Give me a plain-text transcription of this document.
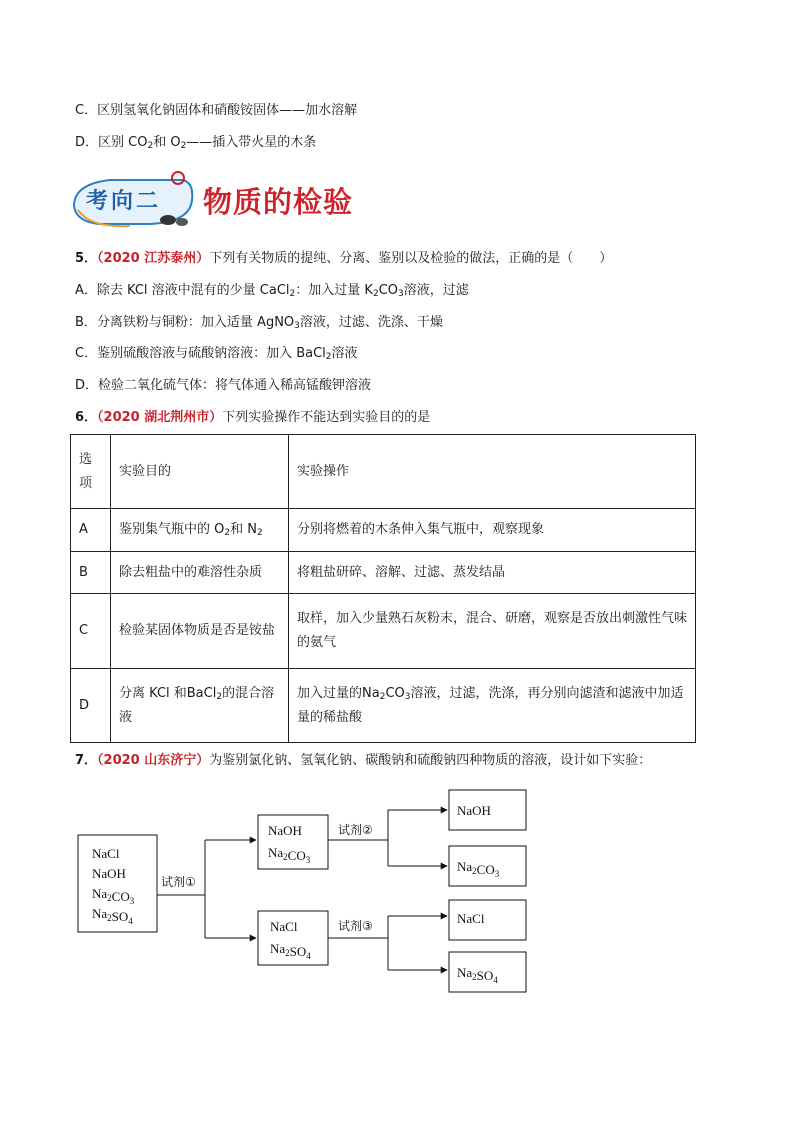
C．区别氢氧化钠固体和硝酸铵固体——加水溶解
D．区别 $CO_2$和 $O_2——$插入带火星的木条
考向二 物质的检验
5．（2020 江苏泰州）下列有关物质的提纯、分离、鉴别以及检验的做法，正确的是（　　）
A．除去 KCl 溶液中混有的少量 CaCl$_2$：加入过量 $K_2CO_3$溶液，过滤
B．分离铁粉与铜粉：加入适量 AgNO$_3$溶液，过滤、洗涤、干燥
C．鉴别硫酸溶液与硫酸钠溶液：加入 BaCl$_2$溶液
D．检验二氧化硫气体：将气体通入稀高锰酸钾溶液
6．（2020 湖北荆州市）下列实验操作不能达到实验目的的是
选项	实验目的	实验操作
A	鉴别集气瓶中的 $O_2$和 $N_2$	分别将燃着的木条伸入集气瓶中，观察现象
B	除去粗盐中的难溶性杂质	将粗盐研碎、溶解、过滤、蒸发结晶
C	检验某固体物质是否是铵盐	取样，加入少量熟石灰粉末，混合、研磨，观察是否放出刺激性气味的氨气
D	分离 KCl 和BaCl$_2$的混合溶液	加入过量的$Na_2CO_3$溶液，过滤，洗涤，再分别向滤渣和滤液中加适量的稀盐酸
7．（2020 山东济宁）为鉴别氯化钠、氢氧化钠、碳酸钠和硫酸钠四种物质的溶液，设计如下实验：
NaCl
NaOH
$Na_2CO_3$
$Na_2SO_4$
NaOH
$Na_2CO_3$
NaCl
$Na_2SO_4$
NaOH
$Na_2CO_3$
NaCl
$Na_2SO_4$
试剂①
试剂②
试剂③
